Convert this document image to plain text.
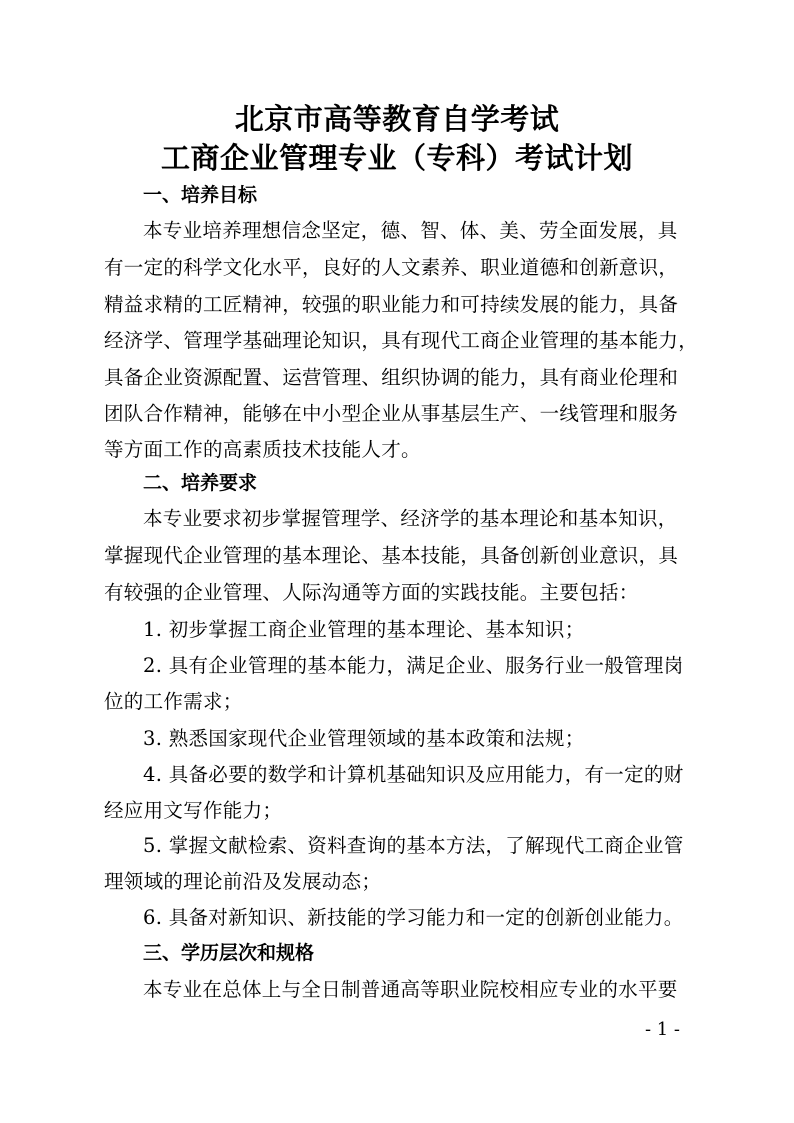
北京市高等教育自学考试
工商企业管理专业（专科）考试计划
一、培养目标
本专业培养理想信念坚定，德、智、体、美、劳全面发展，具
有一定的科学文化水平，良好的人文素养、职业道德和创新意识，
精益求精的工匠精神，较强的职业能力和可持续发展的能力，具备
经济学、管理学基础理论知识，具有现代工商企业管理的基本能力，
具备企业资源配置、运营管理、组织协调的能力，具有商业伦理和
团队合作精神，能够在中小型企业从事基层生产、一线管理和服务
等方面工作的高素质技术技能人才。
二、培养要求
本专业要求初步掌握管理学、经济学的基本理论和基本知识，
掌握现代企业管理的基本理论、基本技能，具备创新创业意识，具
有较强的企业管理、人际沟通等方面的实践技能。主要包括：
1. 初步掌握工商企业管理的基本理论、基本知识；
2. 具有企业管理的基本能力，满足企业、服务行业一般管理岗
位的工作需求；
3. 熟悉国家现代企业管理领域的基本政策和法规；
4. 具备必要的数学和计算机基础知识及应用能力，有一定的财
经应用文写作能力；
5. 掌握文献检索、资料查询的基本方法，了解现代工商企业管
理领域的理论前沿及发展动态；
6. 具备对新知识、新技能的学习能力和一定的创新创业能力。
三、学历层次和规格
本专业在总体上与全日制普通高等职业院校相应专业的水平要
- 1 -
